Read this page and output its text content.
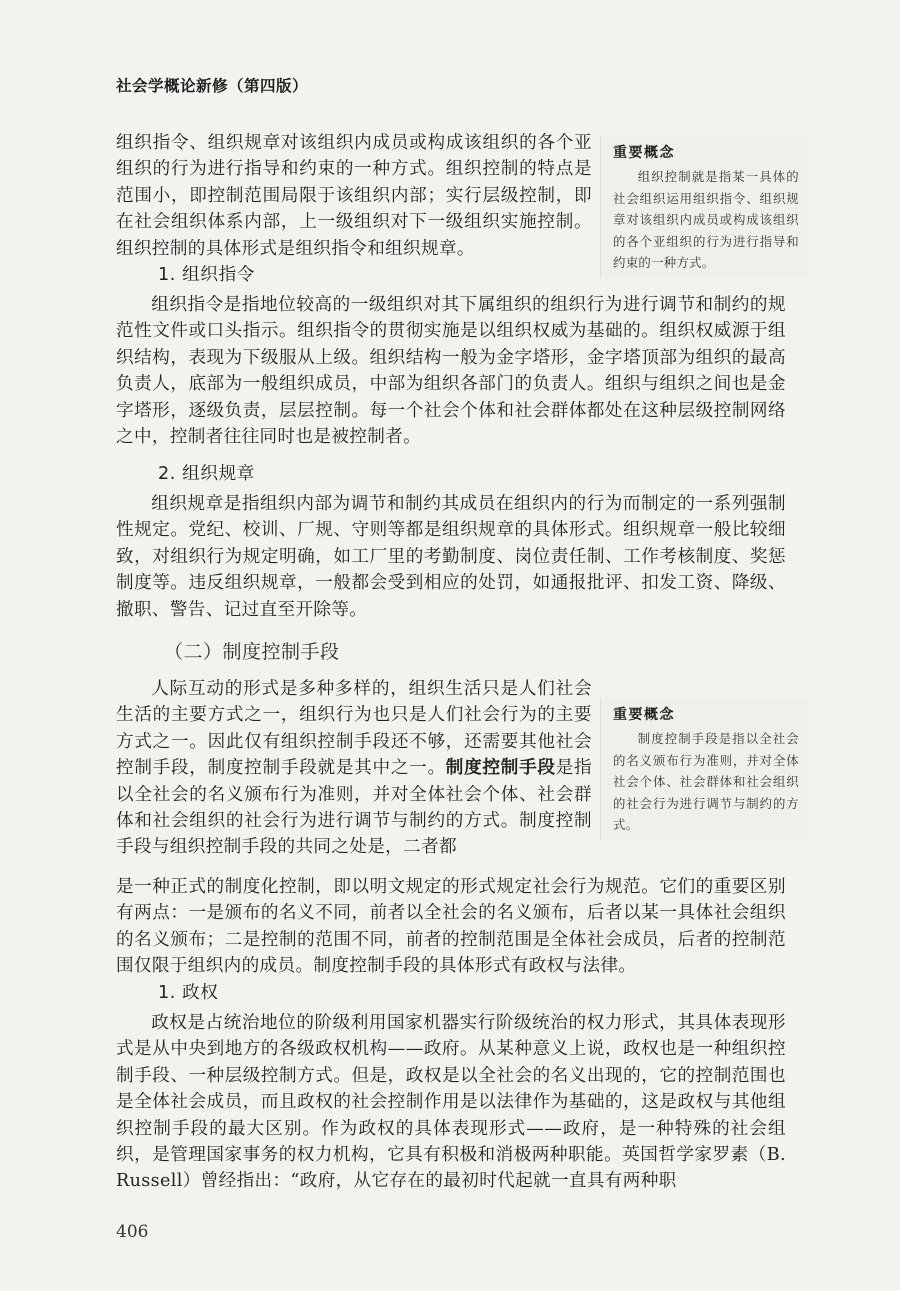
社会学概论新修（第四版）

组织指令、组织规章对该组织内成员或构成该组织的各个亚组织的行为进行指导和约束的一种方式。组织控制的特点是范围小，即控制范围局限于该组织内部；实行层级控制，即在社会组织体系内部，上一级组织对下一级组织实施控制。组织控制的具体形式是组织指令和组织规章。

重要概念

组织控制就是指某一具体的社会组织运用组织指令、组织规章对该组织内成员或构成该组织的各个亚组织的行为进行指导和约束的一种方式。

1. 组织指令

组织指令是指地位较高的一级组织对其下属组织的组织行为进行调节和制约的规范性文件或口头指示。组织指令的贯彻实施是以组织权威为基础的。组织权威源于组织结构，表现为下级服从上级。组织结构一般为金字塔形，金字塔顶部为组织的最高负责人，底部为一般组织成员，中部为组织各部门的负责人。组织与组织之间也是金字塔形，逐级负责，层层控制。每一个社会个体和社会群体都处在这种层级控制网络之中，控制者往往同时也是被控制者。

2. 组织规章

组织规章是指组织内部为调节和制约其成员在组织内的行为而制定的一系列强制性规定。党纪、校训、厂规、守则等都是组织规章的具体形式。组织规章一般比较细致，对组织行为规定明确，如工厂里的考勤制度、岗位责任制、工作考核制度、奖惩制度等。违反组织规章，一般都会受到相应的处罚，如通报批评、扣发工资、降级、撤职、警告、记过直至开除等。

（二）制度控制手段

人际互动的形式是多种多样的，组织生活只是人们社会生活的主要方式之一，组织行为也只是人们社会行为的主要方式之一。因此仅有组织控制手段还不够，还需要其他社会控制手段，制度控制手段就是其中之一。制度控制手段是指以全社会的名义颁布行为准则，并对全体社会个体、社会群体和社会组织的社会行为进行调节与制约的方式。制度控制手段与组织控制手段的共同之处是，二者都

重要概念

制度控制手段是指以全社会的名义颁布行为准则，并对全体社会个体、社会群体和社会组织的社会行为进行调节与制约的方式。

是一种正式的制度化控制，即以明文规定的形式规定社会行为规范。它们的重要区别有两点：一是颁布的名义不同，前者以全社会的名义颁布，后者以某一具体社会组织的名义颁布；二是控制的范围不同，前者的控制范围是全体社会成员，后者的控制范围仅限于组织内的成员。制度控制手段的具体形式有政权与法律。

1. 政权

政权是占统治地位的阶级利用国家机器实行阶级统治的权力形式，其具体表现形式是从中央到地方的各级政权机构——政府。从某种意义上说，政权也是一种组织控制手段、一种层级控制方式。但是，政权是以全社会的名义出现的，它的控制范围也是全体社会成员，而且政权的社会控制作用是以法律作为基础的，这是政权与其他组织控制手段的最大区别。作为政权的具体表现形式——政府，是一种特殊的社会组织，是管理国家事务的权力机构，它具有积极和消极两种职能。英国哲学家罗素（B. Russell）曾经指出：“政府，从它存在的最初时代起就一直具有两种职

406
